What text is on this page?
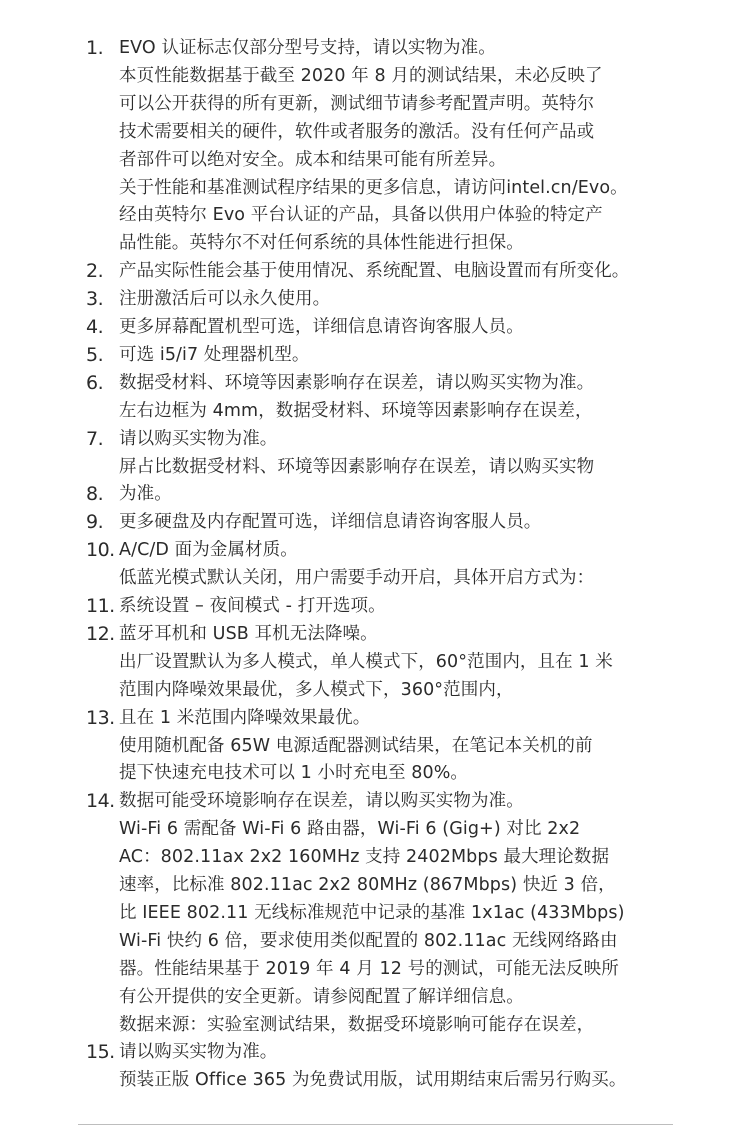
1. EVO 认证标志仅部分型号支持，请以实物为准。
本页性能数据基于截至 2020 年 8 月的测试结果，未必反映了
可以公开获得的所有更新，测试细节请参考配置声明。英特尔
技术需要相关的硬件，软件或者服务的激活。没有任何产品或
者部件可以绝对安全。成本和结果可能有所差异。
关于性能和基准测试程序结果的更多信息，请访问intel.cn/Evo。
经由英特尔 Evo 平台认证的产品，具备以供用户体验的特定产
品性能。英特尔不对任何系统的具体性能进行担保。
2. 产品实际性能会基于使用情况、系统配置、电脑设置而有所变化。
3. 注册激活后可以永久使用。
4. 更多屏幕配置机型可选，详细信息请咨询客服人员。
5. 可选 i5/i7 处理器机型。
6. 数据受材料、环境等因素影响存在误差，请以购买实物为准。
左右边框为 4mm，数据受材料、环境等因素影响存在误差，
7. 请以购买实物为准。
屏占比数据受材料、环境等因素影响存在误差，请以购买实物
8. 为准。
9. 更多硬盘及内存配置可选，详细信息请咨询客服人员。
10. A/C/D 面为金属材质。
低蓝光模式默认关闭，用户需要手动开启，具体开启方式为：
11. 系统设置 – 夜间模式 - 打开选项。
12. 蓝牙耳机和 USB 耳机无法降噪。
出厂设置默认为多人模式，单人模式下，60°范围内，且在 1 米
范围内降噪效果最优，多人模式下，360°范围内，
13. 且在 1 米范围内降噪效果最优。
使用随机配备 65W 电源适配器测试结果，在笔记本关机的前
提下快速充电技术可以 1 小时充电至 80%。
14. 数据可能受环境影响存在误差，请以购买实物为准。
Wi-Fi 6 需配备 Wi-Fi 6 路由器，Wi-Fi 6 (Gig+) 对比 2x2
AC：802.11ax 2x2 160MHz 支持 2402Mbps 最大理论数据
速率，比标准 802.11ac 2x2 80MHz (867Mbps) 快近 3 倍，
比 IEEE 802.11 无线标准规范中记录的基准 1x1ac (433Mbps)
Wi-Fi 快约 6 倍，要求使用类似配置的 802.11ac 无线网络路由
器。性能结果基于 2019 年 4 月 12 号的测试，可能无法反映所
有公开提供的安全更新。请参阅配置了解详细信息。
数据来源：实验室测试结果，数据受环境影响可能存在误差，
15. 请以购买实物为准。
预装正版 Office 365 为免费试用版，试用期结束后需另行购买。
